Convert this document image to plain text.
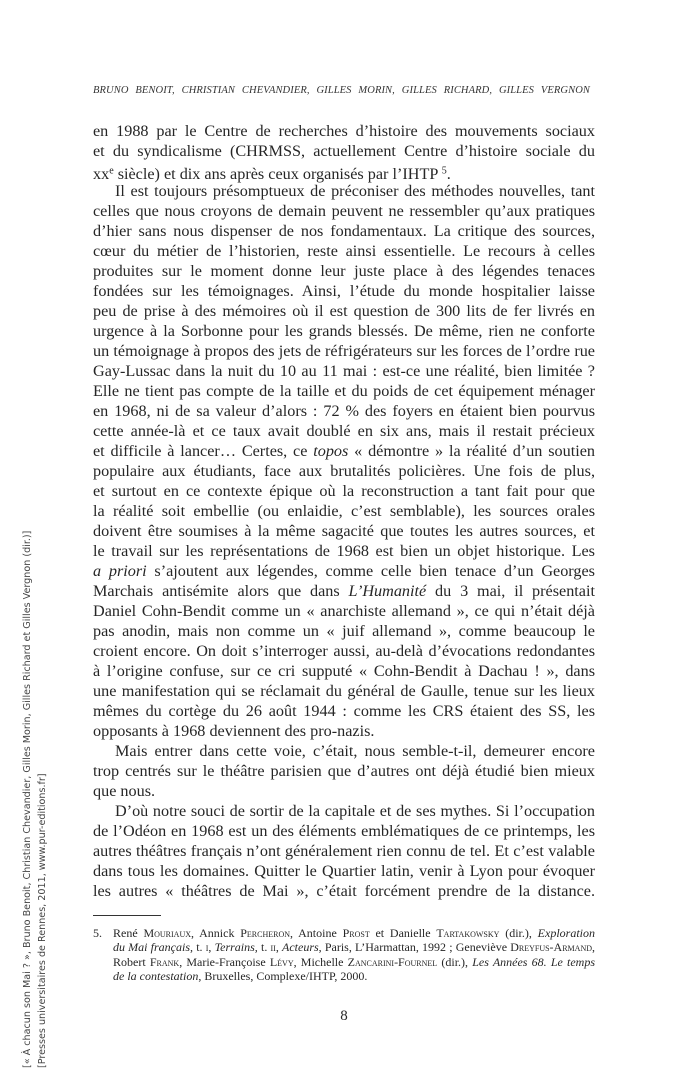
BRUNO BENOIT, CHRISTIAN CHEVANDIER, GILLES MORIN, GILLES RICHARD, GILLES VERGNON
en 1988 par le Centre de recherches d’histoire des mouvements sociaux
et du syndicalisme (CHRMSS, actuellement Centre d’histoire sociale du
$xx^e$ siècle) et dix ans après ceux organisés par l’IHTP $^5$.
Il est toujours présomptueux de préconiser des méthodes nouvelles, tant
celles que nous croyons de demain peuvent ne ressembler qu’aux pratiques
d’hier sans nous dispenser de nos fondamentaux. La critique des sources,
cœur du métier de l’historien, reste ainsi essentielle. Le recours à celles
produites sur le moment donne leur juste place à des légendes tenaces
fondées sur les témoignages. Ainsi, l’étude du monde hospitalier laisse
peu de prise à des mémoires où il est question de 300 lits de fer livrés en
urgence à la Sorbonne pour les grands blessés. De même, rien ne conforte
un témoignage à propos des jets de réfrigérateurs sur les forces de l’ordre rue
Gay-Lussac dans la nuit du 10 au 11 mai : est-ce une réalité, bien limitée ?
Elle ne tient pas compte de la taille et du poids de cet équipement ménager
en 1968, ni de sa valeur d’alors : 72 % des foyers en étaient bien pourvus
cette année-là et ce taux avait doublé en six ans, mais il restait précieux
et difficile à lancer… Certes, ce topos « démontre » la réalité d’un soutien
populaire aux étudiants, face aux brutalités policières. Une fois de plus,
et surtout en ce contexte épique où la reconstruction a tant fait pour que
la réalité soit embellie (ou enlaidie, c’est semblable), les sources orales
doivent être soumises à la même sagacité que toutes les autres sources, et
le travail sur les représentations de 1968 est bien un objet historique. Les
a priori s’ajoutent aux légendes, comme celle bien tenace d’un Georges
Marchais antisémite alors que dans L’Humanité du 3 mai, il présentait
Daniel Cohn-Bendit comme un « anarchiste allemand », ce qui n’était déjà
pas anodin, mais non comme un « juif allemand », comme beaucoup le
croient encore. On doit s’interroger aussi, au-delà d’évocations redondantes
à l’origine confuse, sur ce cri supputé « Cohn-Bendit à Dachau ! », dans
une manifestation qui se réclamait du général de Gaulle, tenue sur les lieux
mêmes du cortège du 26 août 1944 : comme les CRS étaient des SS, les
opposants à 1968 deviennent des pro-nazis.
Mais entrer dans cette voie, c’était, nous semble-t-il, demeurer encore
trop centrés sur le théâtre parisien que d’autres ont déjà étudié bien mieux
que nous.
D’où notre souci de sortir de la capitale et de ses mythes. Si l’occupation
de l’Odéon en 1968 est un des éléments emblématiques de ce printemps, les
autres théâtres français n’ont généralement rien connu de tel. Et c’est valable
dans tous les domaines. Quitter le Quartier latin, venir à Lyon pour évoquer
les autres « théâtres de Mai », c’était forcément prendre de la distance.
5. René Mouriaux, Annick Percheron, Antoine Prost et Danielle Tartakowsky (dir.), Exploration
du Mai français, t. i, Terrains, t. ii, Acteurs, Paris, L’Harmattan, 1992 ; Geneviève Dreyfus-Armand,
Robert Frank, Marie-Françoise Lévy, Michelle Zancarini-Fournel (dir.), Les Années 68. Le temps
de la contestation, Bruxelles, Complexe/IHTP, 2000.
8
[« À chacun son Mai ? », Bruno Benoit, Christian Chevandier, Gilles Morin, Gilles Richard et Gilles Vergnon (dir.)] [Presses universitaires de Rennes, 2011, www.pur-editions.fr]
